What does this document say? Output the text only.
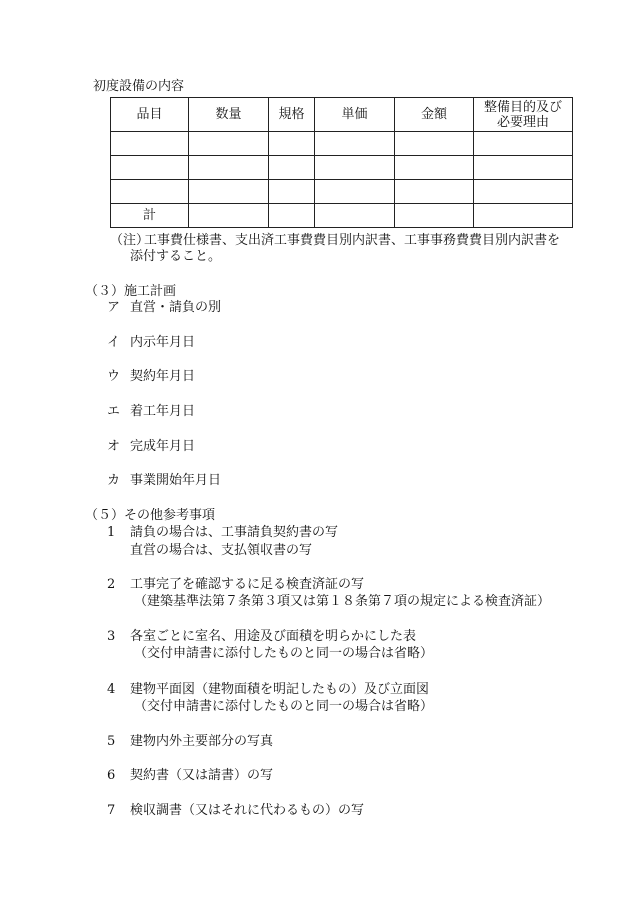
初度設備の内容
品目	数量	規格	単価	金額	整備目的及び
必要理由

計					
（注）
工事費仕様書、支出済工事費費目別内訳書、工事事務費費目別内訳書を
添付すること。
（３）施工計画
ア 直営・請負の別
イ 内示年月日
ウ 契約年月日
エ 着工年月日
オ 完成年月日
カ 事業開始年月日
（５）その他参考事項
1 請負の場合は、工事請負契約書の写
直営の場合は、支払領収書の写
2 工事完了を確認するに足る検査済証の写
（建築基準法第７条第３項又は第１８条第７項の規定による検査済証）
3 各室ごとに室名、用途及び面積を明らかにした表
（交付申請書に添付したものと同一の場合は省略）
4 建物平面図（建物面積を明記したもの）及び立面図
（交付申請書に添付したものと同一の場合は省略）
5 建物内外主要部分の写真
6 契約書（又は請書）の写
7 検収調書（又はそれに代わるもの）の写
